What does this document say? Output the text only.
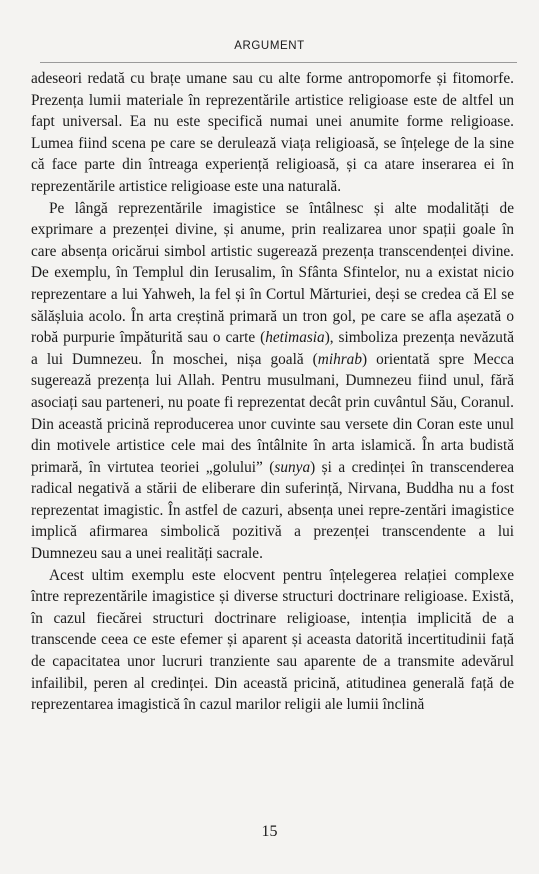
ARGUMENT

adeseori redată cu brațe umane sau cu alte forme antropomorfe și fitomorfe. Prezența lumii materiale în reprezentările artistice religioase este de altfel un fapt universal. Ea nu este specifică numai unei anumite forme religioase. Lumea fiind scena pe care se derulează viața religioasă, se înțelege de la sine că face parte din întreaga experiență religioasă, și ca atare inserarea ei în reprezentările artistice religioase este una naturală.

Pe lângă reprezentările imagistice se întâlnesc și alte modalități de exprimare a prezenței divine, și anume, prin realizarea unor spații goale în care absența oricărui simbol artistic sugerează prezența transcendenței divine. De exemplu, în Templul din Ierusalim, în Sfânta Sfintelor, nu a existat nicio reprezentare a lui Yahweh, la fel și în Cortul Mărturiei, deși se credea că El se sălășluia acolo. În arta creștină primară un tron gol, pe care se afla așezată o robă purpurie împăturită sau o carte (hetimasia), simboliza prezența nevăzută a lui Dumnezeu. În moschei, nișa goală (mihrab) orientată spre Mecca sugerează prezența lui Allah. Pentru musulmani, Dumnezeu fiind unul, fără asociați sau parteneri, nu poate fi reprezentat decât prin cuvântul Său, Coranul. Din această pricină reproducerea unor cuvinte sau versete din Coran este unul din motivele artistice cele mai des întâlnite în arta islamică. În arta budistă primară, în virtutea teoriei „golului” (sunya) și a credinței în transcenderea radical negativă a stării de eliberare din suferință, Nirvana, Buddha nu a fost reprezentat imagistic. În astfel de cazuri, absența unei repre-zentări imagistice implică afirmarea simbolică pozitivă a prezenței transcendente a lui Dumnezeu sau a unei realități sacrale.

Acest ultim exemplu este elocvent pentru înțelegerea relației complexe între reprezentările imagistice și diverse structuri doctrinare religioase. Există, în cazul fiecărei structuri doctrinare religioase, intenția implicită de a transcende ceea ce este efemer și aparent și aceasta datorită incertitudinii față de capacitatea unor lucruri tranziente sau aparente de a transmite adevărul infailibil, peren al credinței. Din această pricină, atitudinea generală față de reprezentarea imagistică în cazul marilor religii ale lumii înclină

15
